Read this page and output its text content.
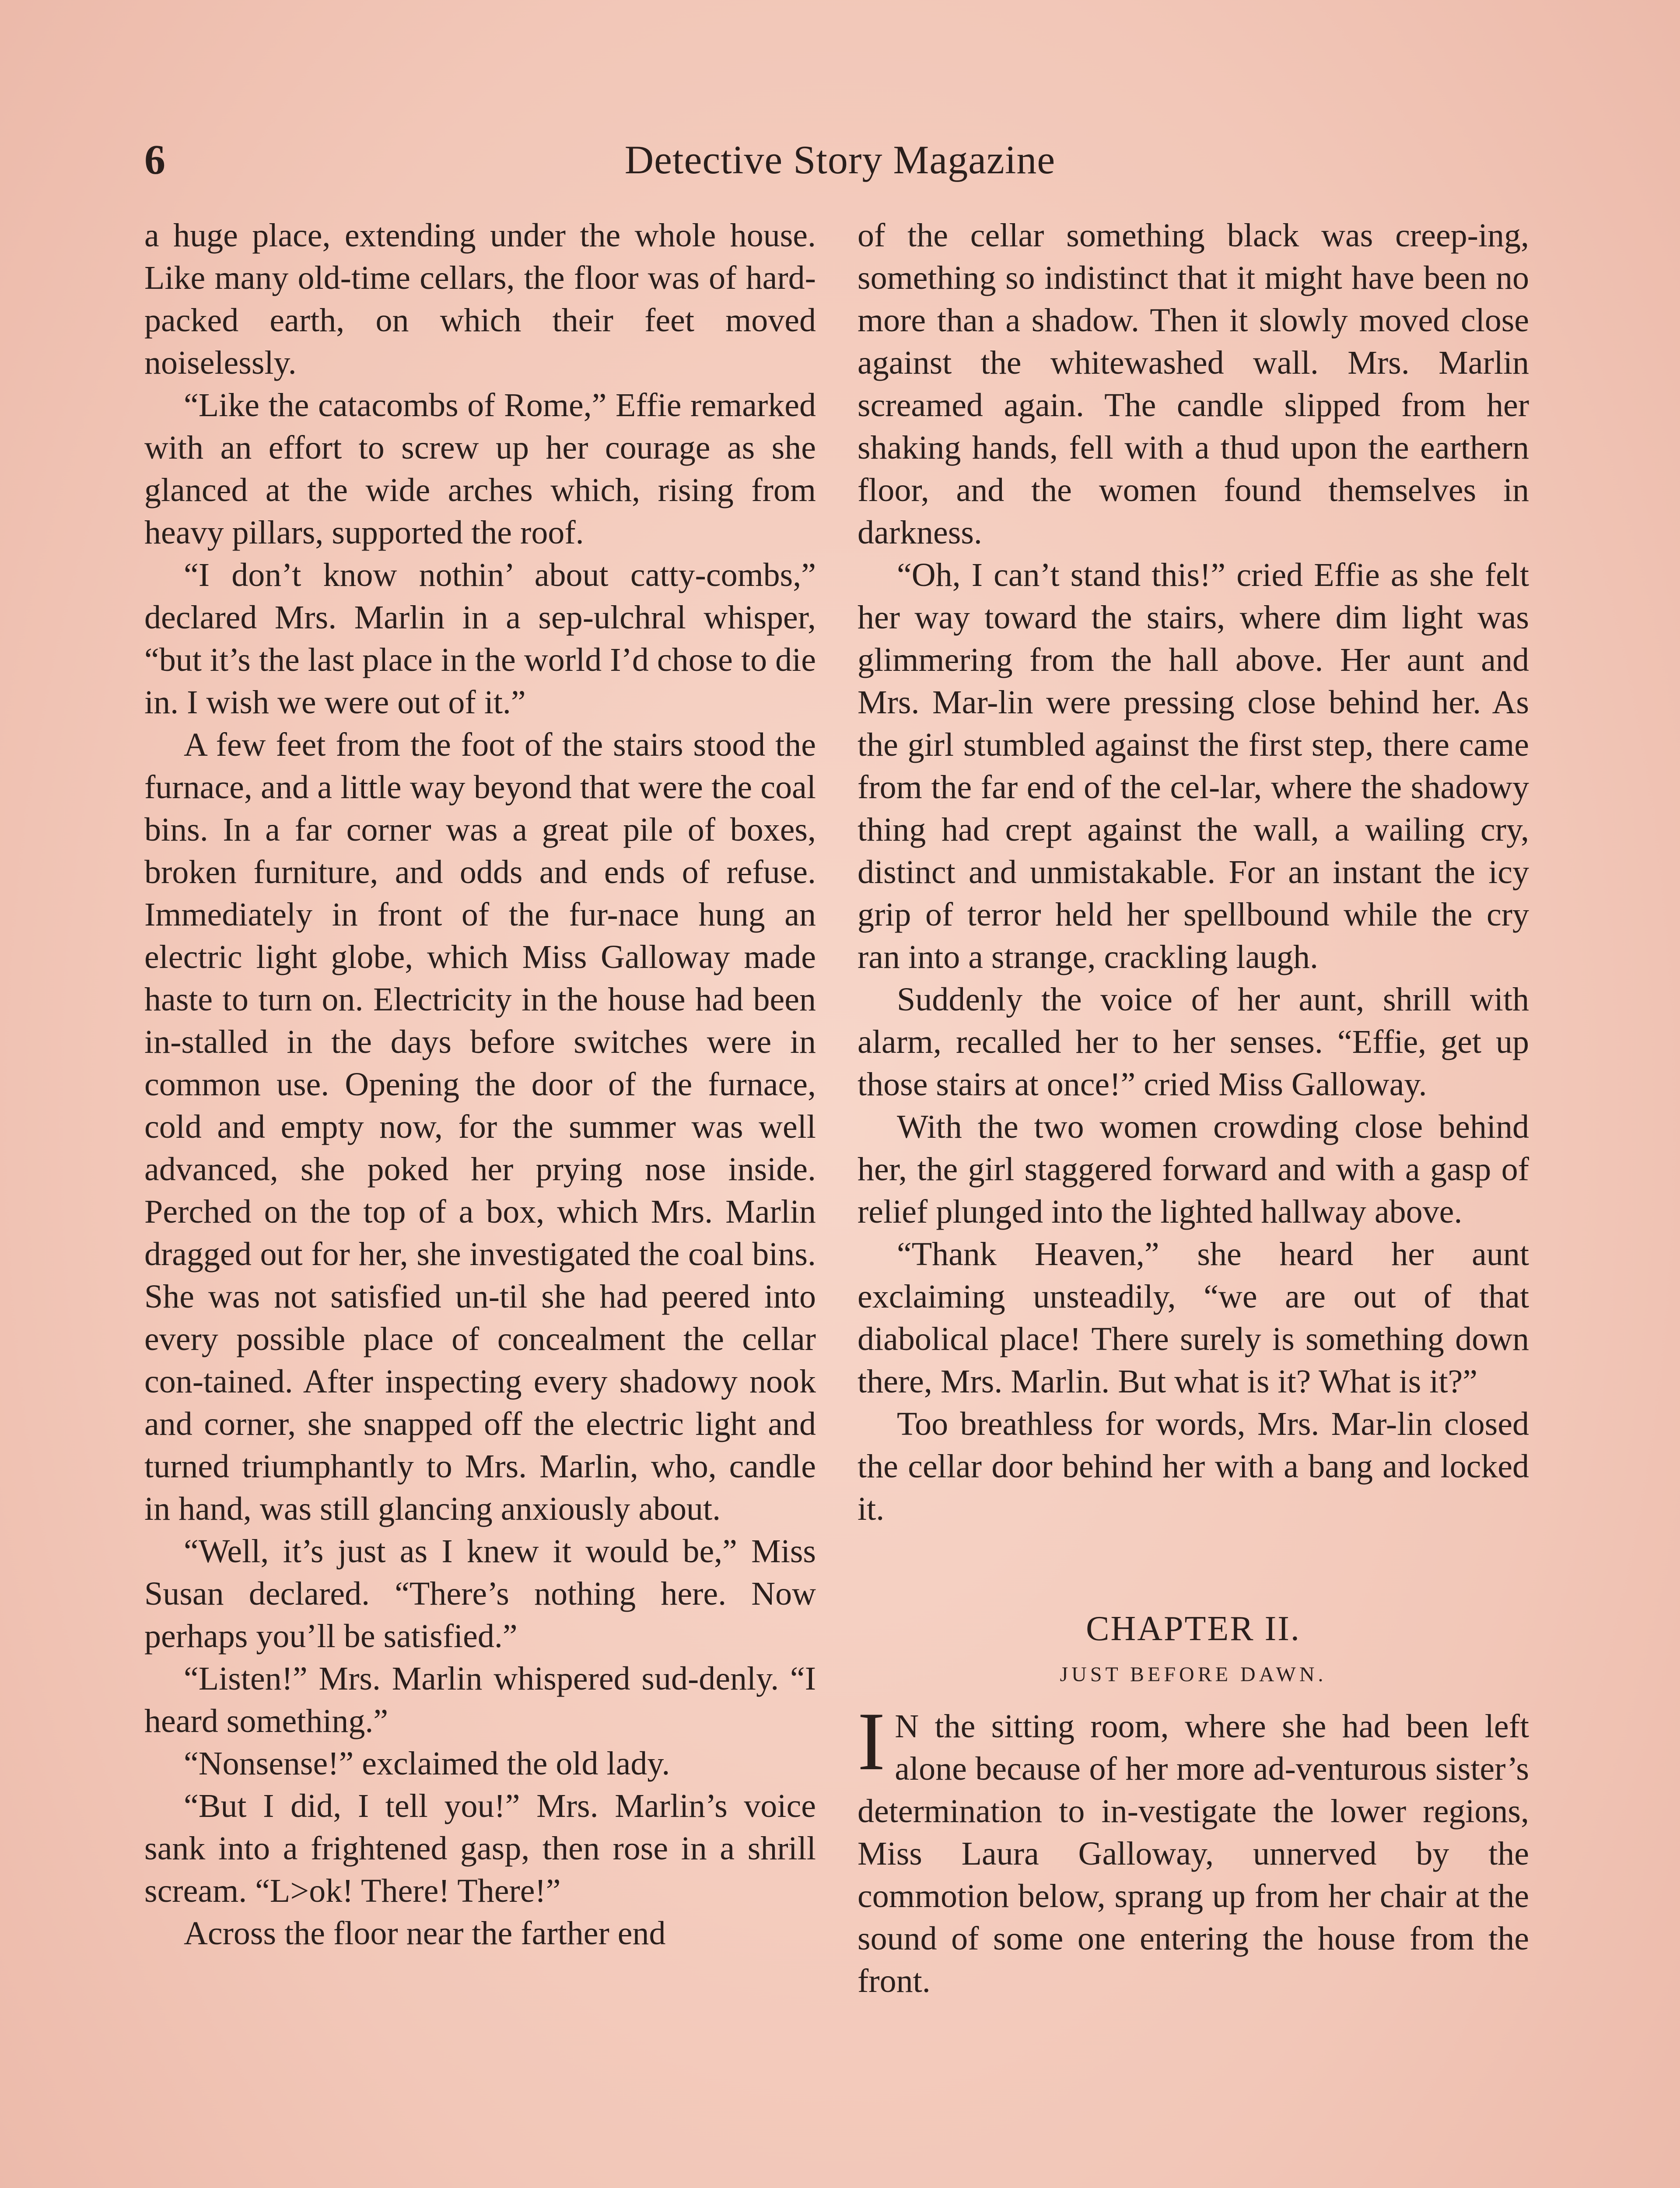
6	Detective Story Magazine

a huge place, extending under the whole house. Like many old-time cellars, the floor was of hard-packed earth, on which their feet moved noiselessly.

“Like the catacombs of Rome,” Effie remarked with an effort to screw up her courage as she glanced at the wide arches which, rising from heavy pillars, supported the roof.

“I don’t know nothin’ about catty-combs,” declared Mrs. Marlin in a sep-ulchral whisper, “but it’s the last place in the world I’d chose to die in. I wish we were out of it.”

A few feet from the foot of the stairs stood the furnace, and a little way beyond that were the coal bins. In a far corner was a great pile of boxes, broken furniture, and odds and ends of refuse. Immediately in front of the fur-nace hung an electric light globe, which Miss Galloway made haste to turn on. Electricity in the house had been in-stalled in the days before switches were in common use. Opening the door of the furnace, cold and empty now, for the summer was well advanced, she poked her prying nose inside. Perched on the top of a box, which Mrs. Marlin dragged out for her, she investigated the coal bins. She was not satisfied un-til she had peered into every possible place of concealment the cellar con-tained. After inspecting every shadowy nook and corner, she snapped off the electric light and turned triumphantly to Mrs. Marlin, who, candle in hand, was still glancing anxiously about.

“Well, it’s just as I knew it would be,” Miss Susan declared. “There’s nothing here. Now perhaps you’ll be satisfied.”

“Listen!” Mrs. Marlin whispered sud-denly. “I heard something.”

“Nonsense!” exclaimed the old lady.

“But I did, I tell you!” Mrs. Marlin’s voice sank into a frightened gasp, then rose in a shrill scream. “L>ok! There! There!”

Across the floor near the farther end

of the cellar something black was creep-ing, something so indistinct that it might have been no more than a shadow. Then it slowly moved close against the whitewashed wall. Mrs. Marlin screamed again. The candle slipped from her shaking hands, fell with a thud upon the earthern floor, and the women found themselves in darkness.

“Oh, I can’t stand this!” cried Effie as she felt her way toward the stairs, where dim light was glimmering from the hall above. Her aunt and Mrs. Mar-lin were pressing close behind her. As the girl stumbled against the first step, there came from the far end of the cel-lar, where the shadowy thing had crept against the wall, a wailing cry, distinct and unmistakable. For an instant the icy grip of terror held her spellbound while the cry ran into a strange, crackling laugh.

Suddenly the voice of her aunt, shrill with alarm, recalled her to her senses. “Effie, get up those stairs at once!” cried Miss Galloway.

With the two women crowding close behind her, the girl staggered forward and with a gasp of relief plunged into the lighted hallway above.

“Thank Heaven,” she heard her aunt exclaiming unsteadily, “we are out of that diabolical place! There surely is something down there, Mrs. Marlin. But what is it? What is it?”

Too breathless for words, Mrs. Mar-lin closed the cellar door behind her with a bang and locked it.

CHAPTER II.
JUST BEFORE DAWN.

I N the sitting room, where she had been left alone because of her more ad-venturous sister’s determination to in-vestigate the lower regions, Miss Laura Galloway, unnerved by the commotion below, sprang up from her chair at the sound of some one entering the house from the front.
